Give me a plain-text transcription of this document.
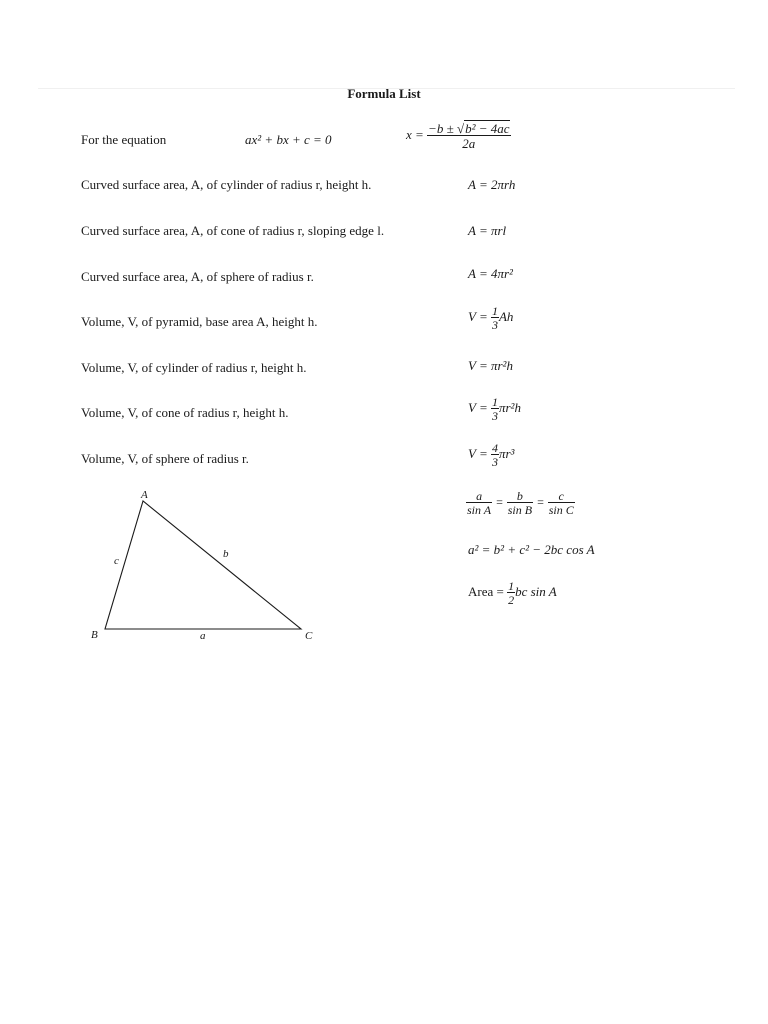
Formula List
For the equation	ax² + bx + c = 0	$x = \frac{\text{−b ± √b² − 4ac}}{2a}$
Curved surface area, A, of cylinder of radius r, height h.	A = 2πrh
Curved surface area, A, of cone of radius r, sloping edge l.	A = πrl
Curved surface area, A, of sphere of radius r.	A = 4πr²
Volume, V, of pyramid, base area A, height h.	$V = \frac{1}{3}$ Ah
Volume, V, of cylinder of radius r, height h.	V = πr²h
Volume, V, of cone of radius r, height h.	$V = \frac{1}{3} \pi r^2h$
Volume, V, of sphere of radius r.	$V = \frac{4}{3} \pi r^3$
$\frac{a}{\text{sin A}} = \frac{b}{\text{sin B}} = \frac{c}{\text{sin C}}$
a² = b² + c² − 2bc cos A
Area = $\frac{1}{2}$ bc sin A
A
B	C
a
b
c
